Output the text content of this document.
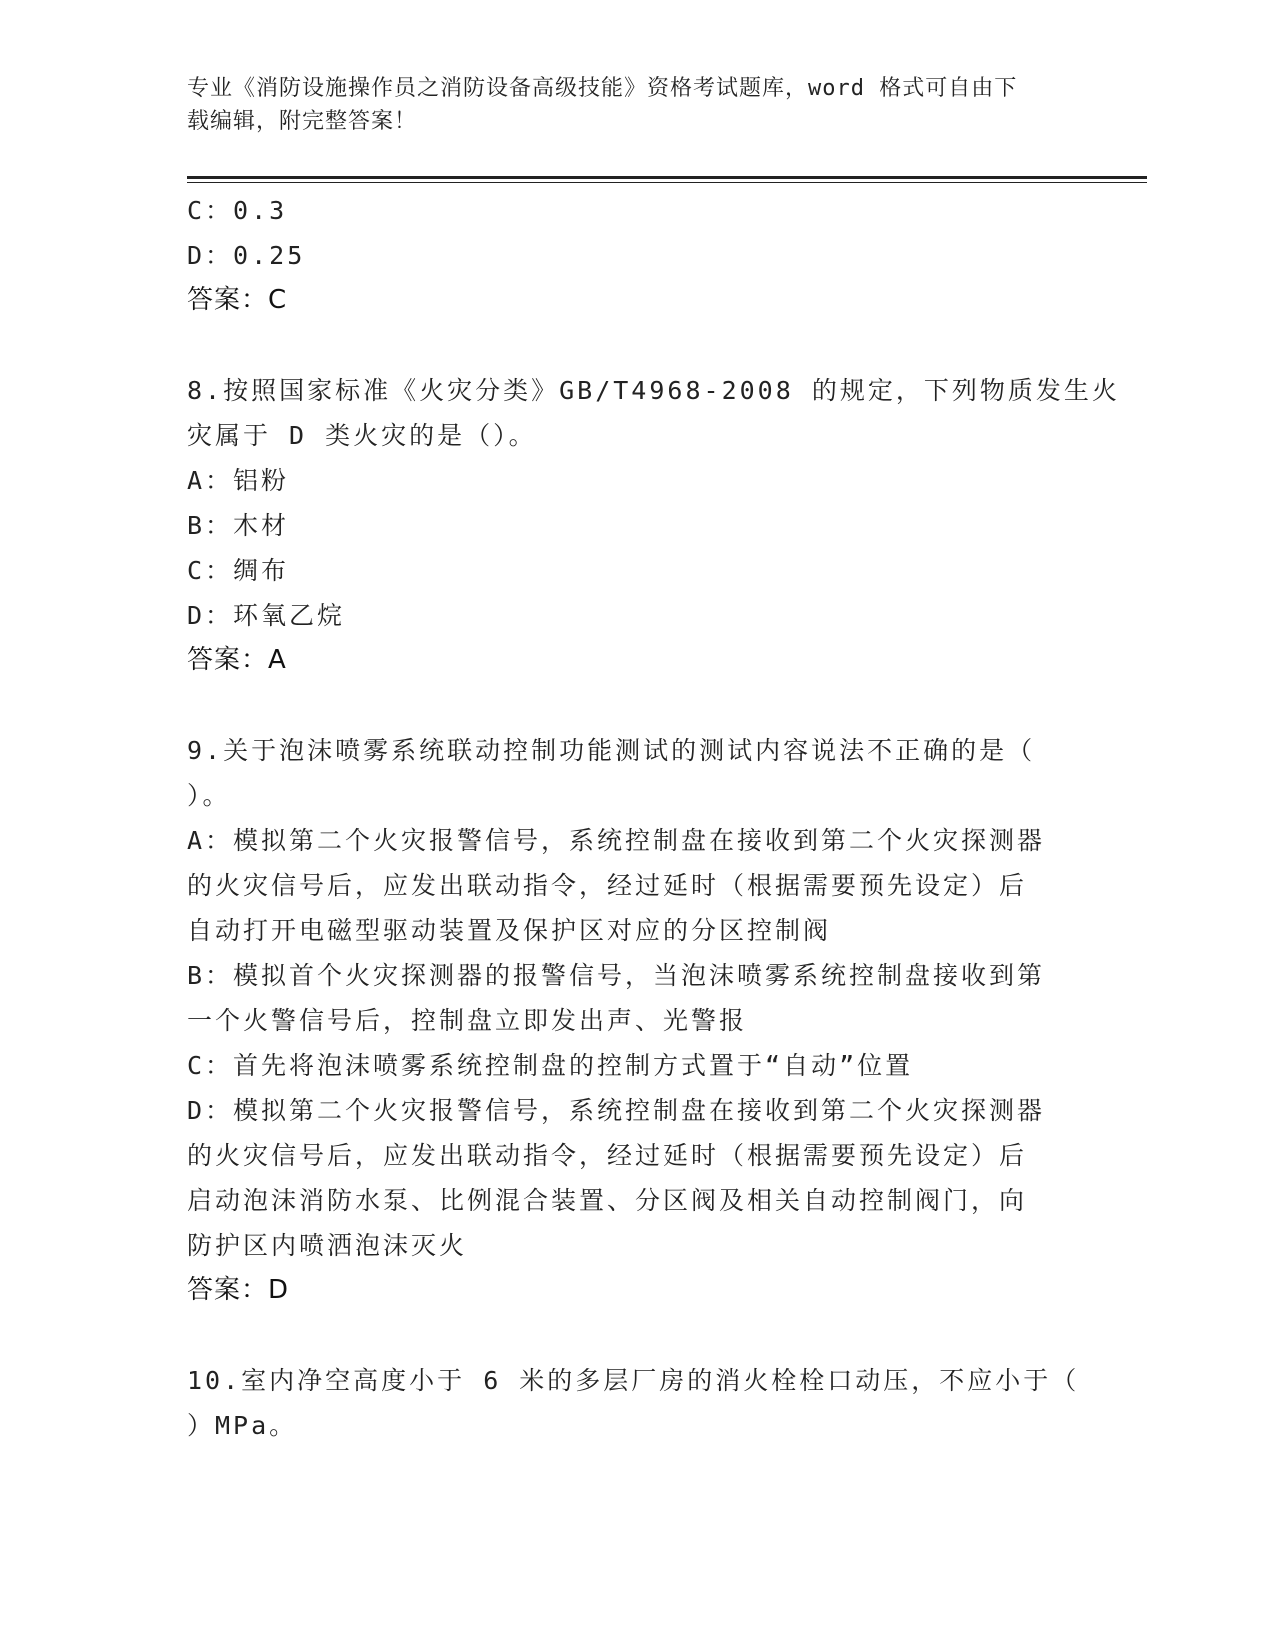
专业《消防设施操作员之消防设备高级技能》资格考试题库，word 格式可自由下
载编辑，附完整答案！
C：0.3
D：0.25
答案：C
8.按照国家标准《火灾分类》GB/T4968-2008 的规定，下列物质发生火
灾属于 D 类火灾的是（）。
A：铝粉
B：木材
C：绸布
D：环氧乙烷
答案：A
9.关于泡沫喷雾系统联动控制功能测试的测试内容说法不正确的是（
）。
A：模拟第二个火灾报警信号，系统控制盘在接收到第二个火灾探测器
的火灾信号后，应发出联动指令，经过延时（根据需要预先设定）后
自动打开电磁型驱动装置及保护区对应的分区控制阀
B：模拟首个火灾探测器的报警信号，当泡沫喷雾系统控制盘接收到第
一个火警信号后，控制盘立即发出声、光警报
C：首先将泡沫喷雾系统控制盘的控制方式置于“自动”位置
D：模拟第二个火灾报警信号，系统控制盘在接收到第二个火灾探测器
的火灾信号后，应发出联动指令，经过延时（根据需要预先设定）后
启动泡沫消防水泵、比例混合装置、分区阀及相关自动控制阀门，向
防护区内喷洒泡沫灭火
答案：D
10.室内净空高度小于 6 米的多层厂房的消火栓栓口动压，不应小于（
）MPa。
